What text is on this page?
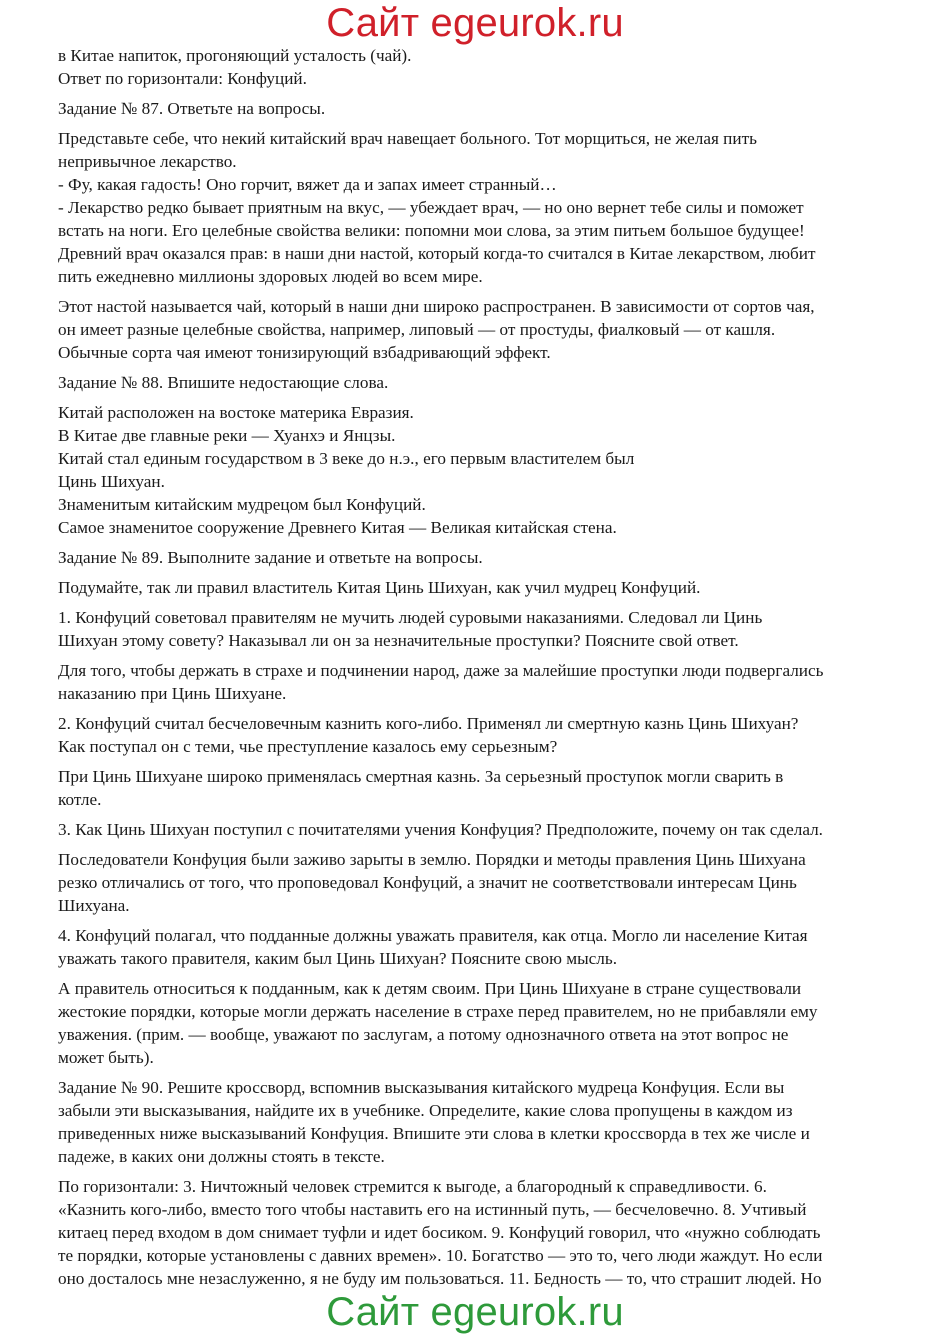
Сайт egeurok.ru

в Китае напиток, прогоняющий усталость (чай).
Ответ по горизонтали: Конфуций.

Задание № 87. Ответьте на вопросы.

Представьте себе, что некий китайский врач навещает больного. Тот морщиться, не желая пить
непривычное лекарство.
- Фу, какая гадость! Оно горчит, вяжет да и запах имеет странный…
- Лекарство редко бывает приятным на вкус, — убеждает врач, — но оно вернет тебе силы и поможет
встать на ноги. Его целебные свойства велики: попомни мои слова, за этим питьем большое будущее!
Древний врач оказался прав: в наши дни настой, который когда-то считался в Китае лекарством, любит
пить ежедневно миллионы здоровых людей во всем мире.

Этот настой называется чай, который в наши дни широко распространен. В зависимости от сортов чая,
он имеет разные целебные свойства, например, липовый — от простуды, фиалковый — от кашля.
Обычные сорта чая имеют тонизирующий взбадривающий эффект.

Задание № 88. Впишите недостающие слова.

Китай расположен на востоке материка Евразия.
В Китае две главные реки — Хуанхэ и Янцзы.
Китай стал единым государством в 3 веке до н.э., его первым властителем был
Цинь Шихуан.
Знаменитым китайским мудрецом был Конфуций.
Самое знаменитое сооружение Древнего Китая — Великая китайская стена.

Задание № 89. Выполните задание и ответьте на вопросы.

Подумайте, так ли правил властитель Китая Цинь Шихуан, как учил мудрец Конфуций.

1. Конфуций советовал правителям не мучить людей суровыми наказаниями. Следовал ли Цинь
Шихуан этому совету? Наказывал ли он за незначительные проступки? Поясните свой ответ.

Для того, чтобы держать в страхе и подчинении народ, даже за малейшие проступки люди подвергались
наказанию при Цинь Шихуане.

2. Конфуций считал бесчеловечным казнить кого-либо. Применял ли смертную казнь Цинь Шихуан?
Как поступал он с теми, чье преступление казалось ему серьезным?

При Цинь Шихуане широко применялась смертная казнь. За серьезный проступок могли сварить в
котле.

3. Как Цинь Шихуан поступил с почитателями учения Конфуция? Предположите, почему он так сделал.

Последователи Конфуция были заживо зарыты в землю. Порядки и методы правления Цинь Шихуана
резко отличались от того, что проповедовал Конфуций, а значит не соответствовали интересам Цинь
Шихуана.

4. Конфуций полагал, что подданные должны уважать правителя, как отца. Могло ли население Китая
уважать такого правителя, каким был Цинь Шихуан? Поясните свою мысль.

А правитель относиться к подданным, как к детям своим. При Цинь Шихуане в стране существовали
жестокие порядки, которые могли держать население в страхе перед правителем, но не прибавляли ему
уважения. (прим. — вообще, уважают по заслугам, а потому однозначного ответа на этот вопрос не
может быть).

Задание № 90. Решите кроссворд, вспомнив высказывания китайского мудреца Конфуция. Если вы
забыли эти высказывания, найдите их в учебнике. Определите, какие слова пропущены в каждом из
приведенных ниже высказываний Конфуция. Впишите эти слова в клетки кроссворда в тех же числе и
падеже, в каких они должны стоять в тексте.

По горизонтали: 3. Ничтожный человек стремится к выгоде, а благородный к справедливости. 6.
«Казнить кого-либо, вместо того чтобы наставить его на истинный путь, — бесчеловечно. 8. Учтивый
китаец перед входом в дом снимает туфли и идет босиком. 9. Конфуций говорил, что «нужно соблюдать
те порядки, которые установлены с давних времен». 10. Богатство — это то, чего люди жаждут. Но если
оно досталось мне незаслуженно, я не буду им пользоваться. 11. Бедность — то, что страшит людей. Но

Сайт egeurok.ru
